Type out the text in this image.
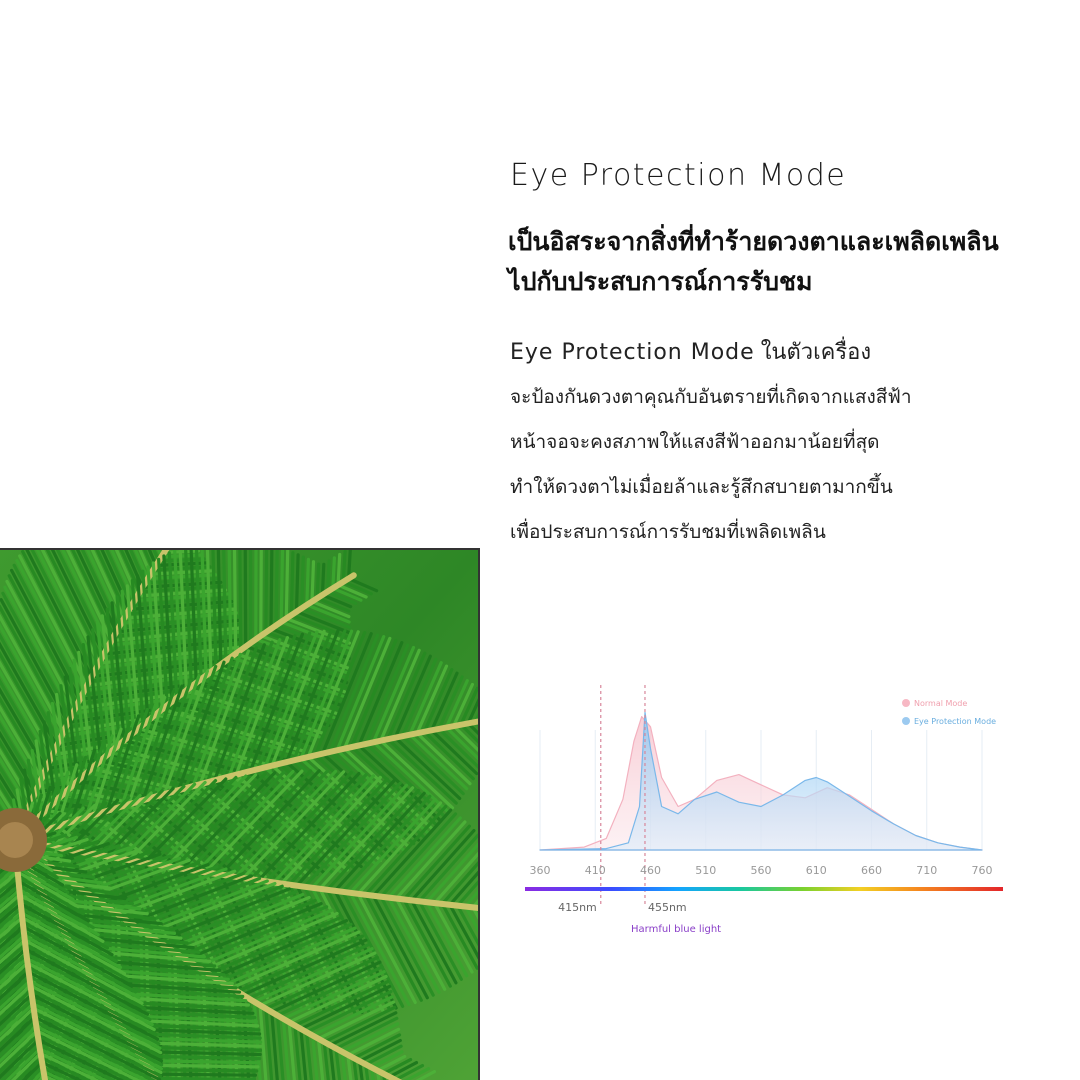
Eye Protection Mode
เป็นอิสระจากสิ่งที่ทำร้ายดวงตาและเพลิดเพลิน
ไปกับประสบการณ์การรับชม
Eye Protection Mode ในตัวเครื่อง
จะป้องกันดวงตาคุณกับอันตรายที่เกิดจากแสงสีฟ้า
หน้าจอจะคงสภาพให้แสงสีฟ้าออกมาน้อยที่สุด
ทำให้ดวงตาไม่เมื่อยล้าและรู้สึกสบายตามากขึ้น
เพื่อประสบการณ์การรับชมที่เพลิดเพลิน
415nm	455nm
360	410	460	510	560	610	660	710	760
Normal Mode
Eye Protection Mode
Harmful blue light
